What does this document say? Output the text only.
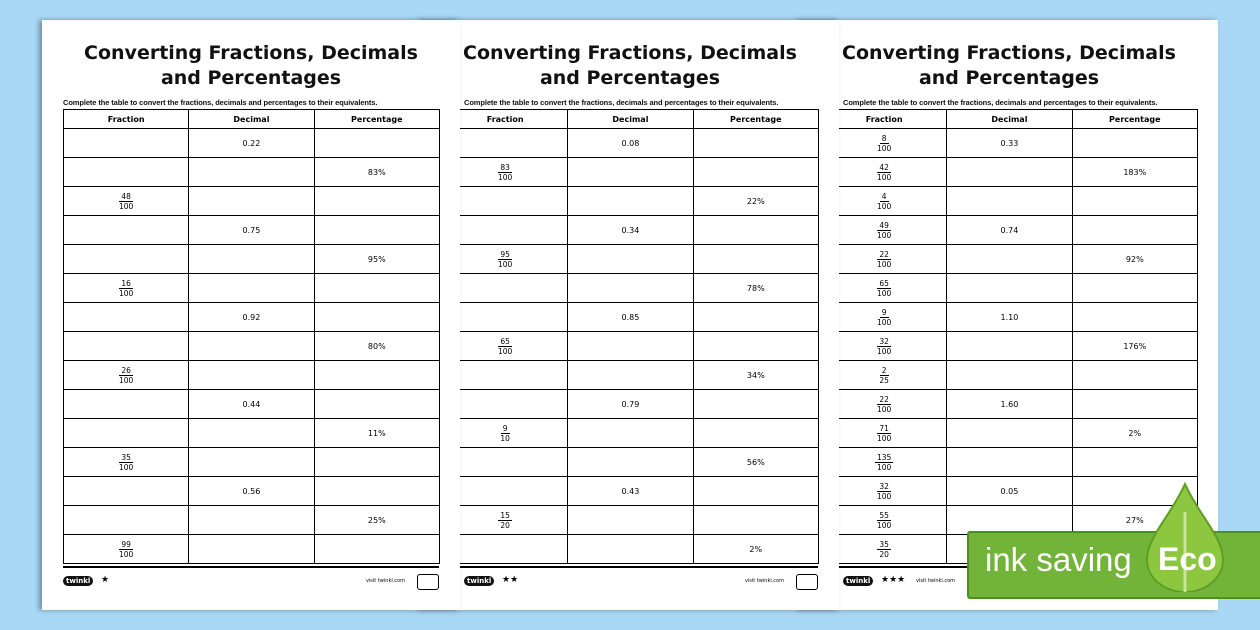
Converting Fractions, Decimals
and Percentages
Complete the table to convert the fractions, decimals and percentages to their equivalents.
Fraction	Decimal	Percentage
	0.22	
		83%

$\frac{48}{100}$

	0.75	
		95%

$\frac{16}{100}$

	0.92	
		80%

$\frac{26}{100}$

	0.44	
		11%

$\frac{35}{100}$

	0.56	
		25%

$\frac{99}{100}$

twinkl	★	visit twinkl.com
Converting Fractions, Decimals
and Percentages
Complete the table to convert the fractions, decimals and percentages to their equivalents.
Fraction	Decimal	Percentage
	0.08	

$\frac{83}{100}$

		22%
	0.34	

$\frac{95}{100}$

		78%
	0.85	

$\frac{65}{100}$

		34%
	0.79	

$\frac{9}{10}$

		56%
	0.43	

$\frac{15}{20}$

		2%
twinkl	★★	visit twinkl.com
Converting Fractions, Decimals
and Percentages
Complete the table to convert the fractions, decimals and percentages to their equivalents.
Fraction	Decimal	Percentage

$\frac{8}{100}$	0.33	

$\frac{42}{100}$		183%

$\frac{4}{100}$

$\frac{49}{100}$	0.74	

$\frac{22}{100}$		92%

$\frac{65}{100}$

$\frac{9}{100}$	1.10	

$\frac{32}{100}$		176%

$\frac{2}{25}$

$\frac{22}{100}$	1.60	

$\frac{71}{100}$		2%

$\frac{135}{100}$

$\frac{32}{100}$	0.05	

$\frac{55}{100}$		27%

$\frac{35}{20}$

twinkl	★★★ visit twinkl.com
ink saving Eco
